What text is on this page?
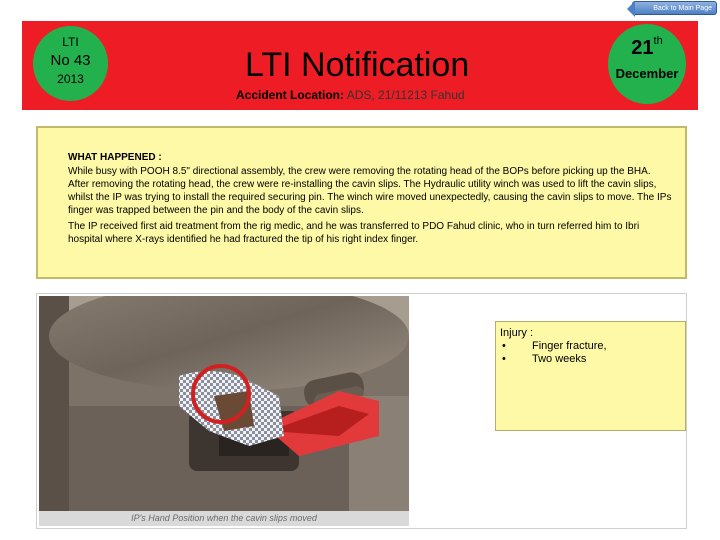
Back to Main Page
LTI
No 43
2013	LTI Notification	21th
December
Accident Location: ADS, 21/11213 Fahud
WHAT HAPPENED :

While busy with POOH 8.5" directional assembly, the crew were removing the rotating head of the BOPs before picking up the BHA. After removing the rotating head, the crew were re-installing the cavin slips. The Hydraulic utility winch was used to lift the cavin slips, whilst the IP was trying to install the required securing pin. The winch wire moved unexpectedly, causing the cavin slips to move. The IPs finger was trapped between the pin and the body of the cavin slips.

The IP received first aid treatment from the rig medic, and he was transferred to PDO Fahud clinic, who in turn referred him to Ibri hospital where X-rays identified he had fractured the tip of his right index finger.

IP's Hand Position when the cavin slips moved
Injury :
• Finger fracture,
• Two weeks
